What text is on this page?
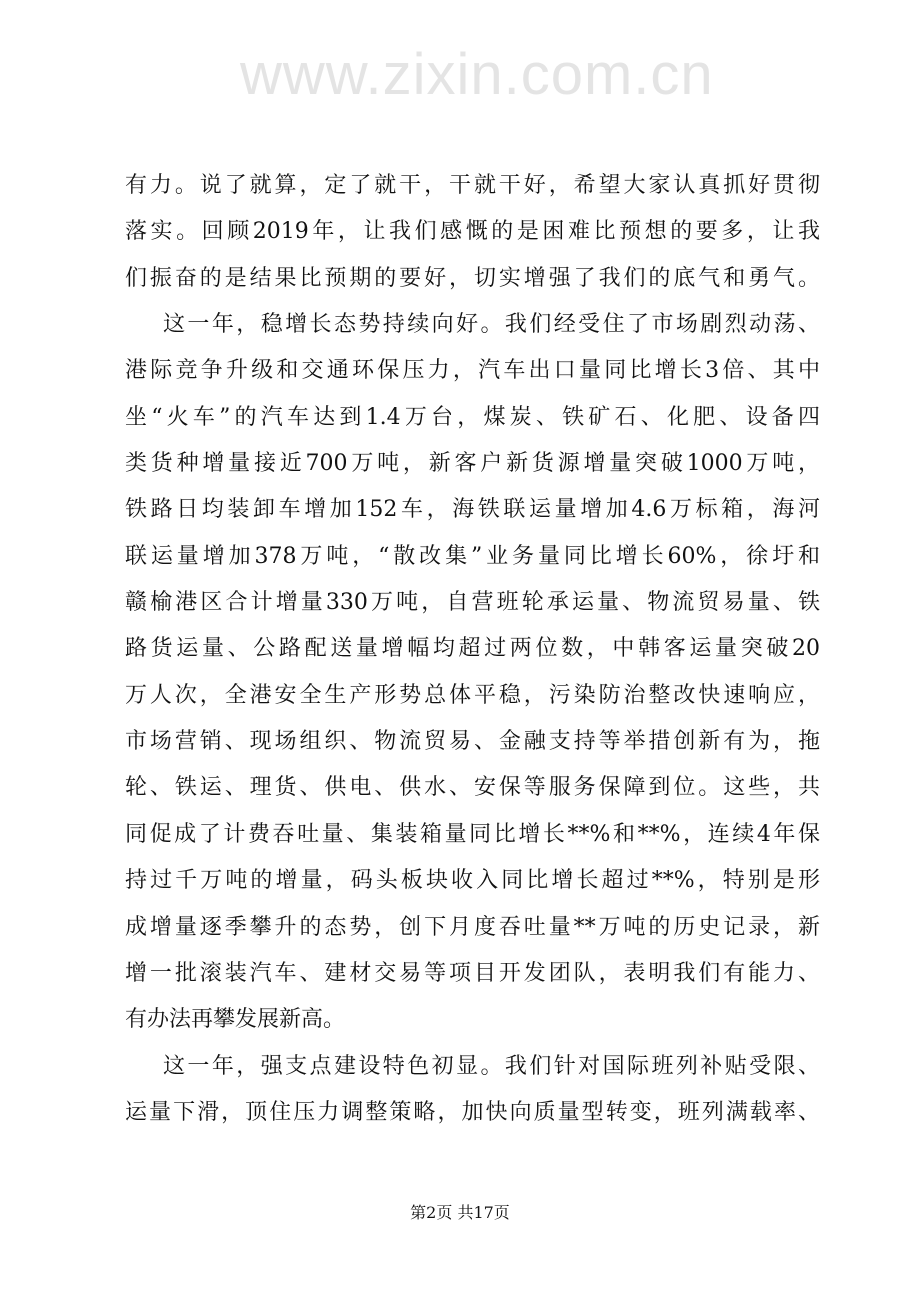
www.zixin.com.cn
有力。说了就算，定了就干，干就干好，希望大家认真抓好贯彻
落实。回顾2019年，让我们感慨的是困难比预想的要多，让我
们振奋的是结果比预期的要好，切实增强了我们的底气和勇气。
这一年，稳增长态势持续向好。我们经受住了市场剧烈动荡、
港际竞争升级和交通环保压力，汽车出口量同比增长3倍、其中
坐“火车”的汽车达到1.4万台，煤炭、铁矿石、化肥、设备四
类货种增量接近700万吨，新客户新货源增量突破1000万吨，
铁路日均装卸车增加152车，海铁联运量增加4.6万标箱，海河
联运量增加378万吨，“散改集”业务量同比增长60%，徐圩和
赣榆港区合计增量330万吨，自营班轮承运量、物流贸易量、铁
路货运量、公路配送量增幅均超过两位数，中韩客运量突破20
万人次，全港安全生产形势总体平稳，污染防治整改快速响应，
市场营销、现场组织、物流贸易、金融支持等举措创新有为，拖
轮、铁运、理货、供电、供水、安保等服务保障到位。这些，共
同促成了计费吞吐量、集装箱量同比增长**%和**%，连续4年保
持过千万吨的增量，码头板块收入同比增长超过**%，特别是形
成增量逐季攀升的态势，创下月度吞吐量**万吨的历史记录，新
增一批滚装汽车、建材交易等项目开发团队，表明我们有能力、
有办法再攀发展新高。
这一年，强支点建设特色初显。我们针对国际班列补贴受限、
运量下滑，顶住压力调整策略，加快向质量型转变，班列满载率、
第2页 共17页
